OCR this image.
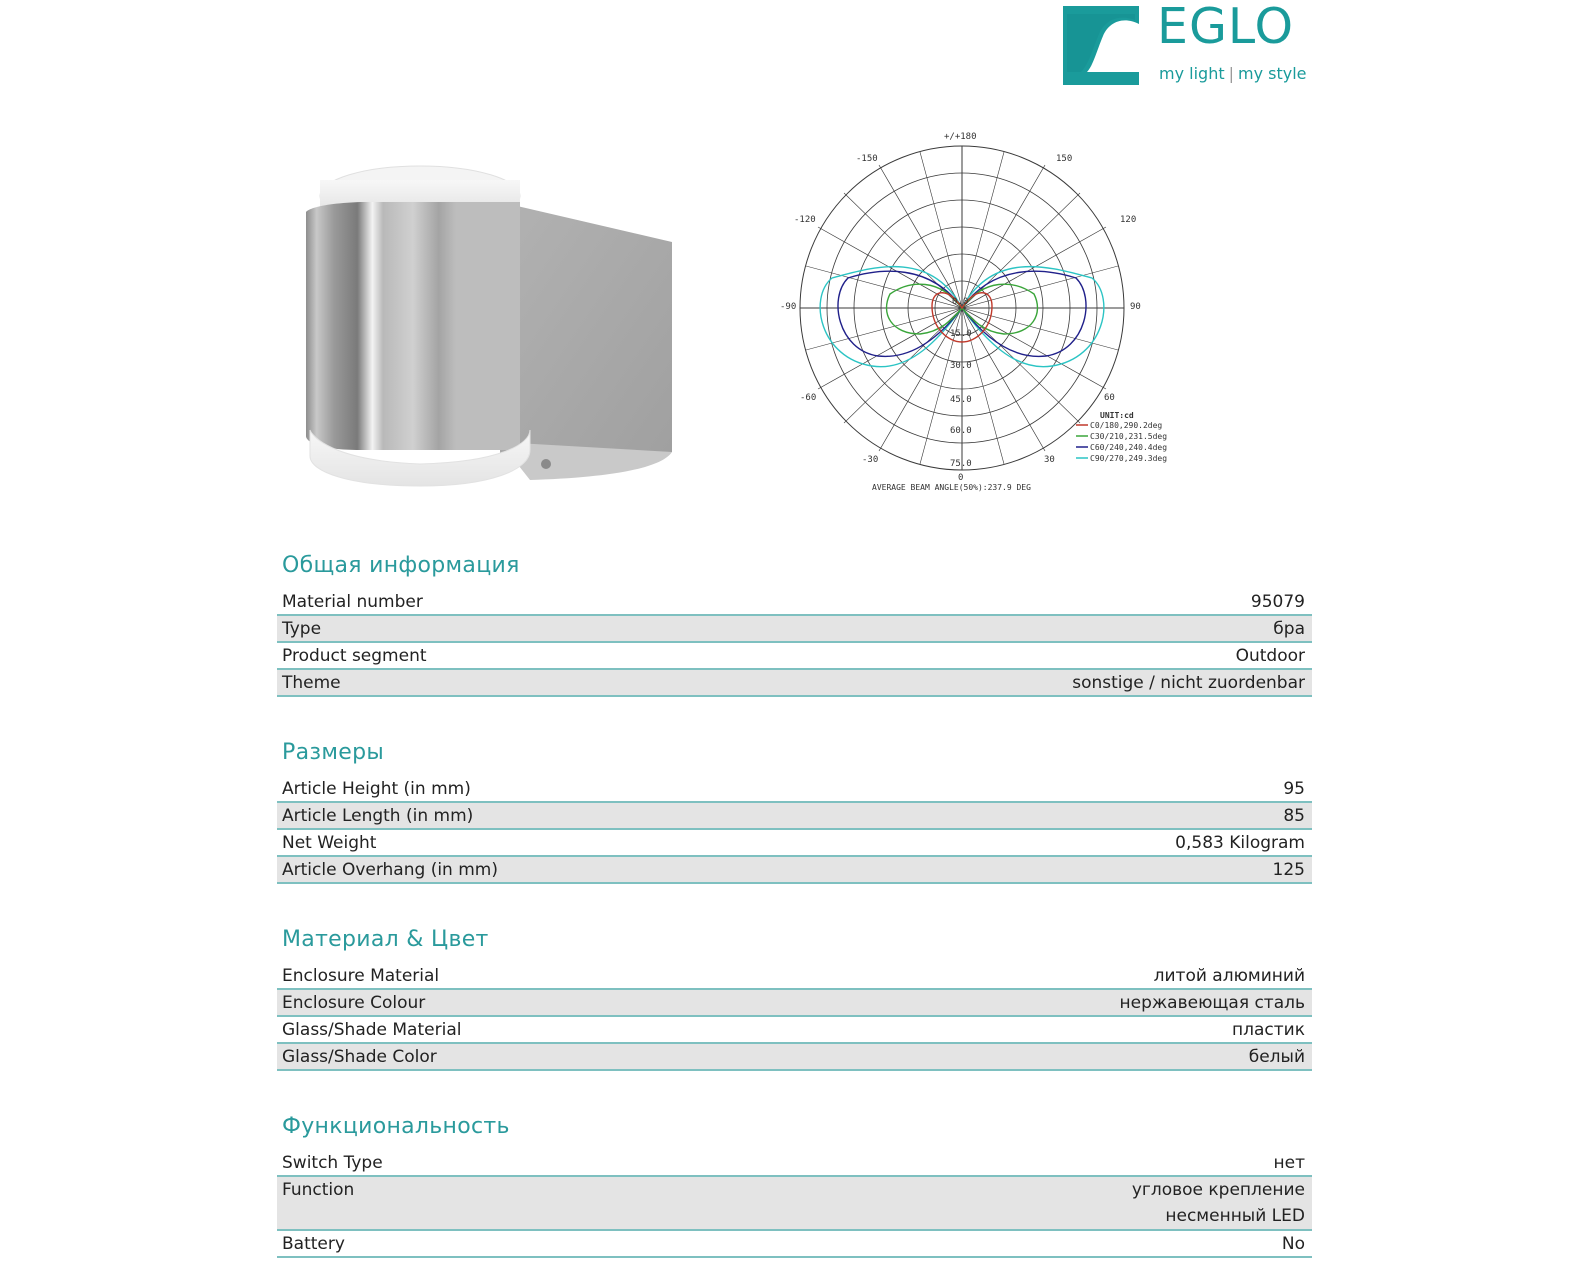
EGLO
my light | my style
+/+180
-150	150
-120	120
-90	90
-60	60
-30	30
0
0.0
15.0
30.0
45.0
60.0
75.0
UNIT:cd
C0/180,290.2deg
C30/210,231.5deg
C60/240,240.4deg
C90/270,249.3deg
AVERAGE BEAM ANGLE(50%):237.9 DEG
Общая информация
Material number	95079
Type	бра
Product segment	Outdoor
Theme	sonstige / nicht zuordenbar
Размеры
Article Height (in mm)	95
Article Length (in mm)	85
Net Weight	0,583 Kilogram
Article Overhang (in mm)	125
Материал & Цвет
Enclosure Material	литой алюминий
Enclosure Colour	нержавеющая сталь
Glass/Shade Material	пластик
Glass/Shade Color	белый
Функциональность
Switch Type	нет
Function	угловое крепление
несменный LED
Battery	No
